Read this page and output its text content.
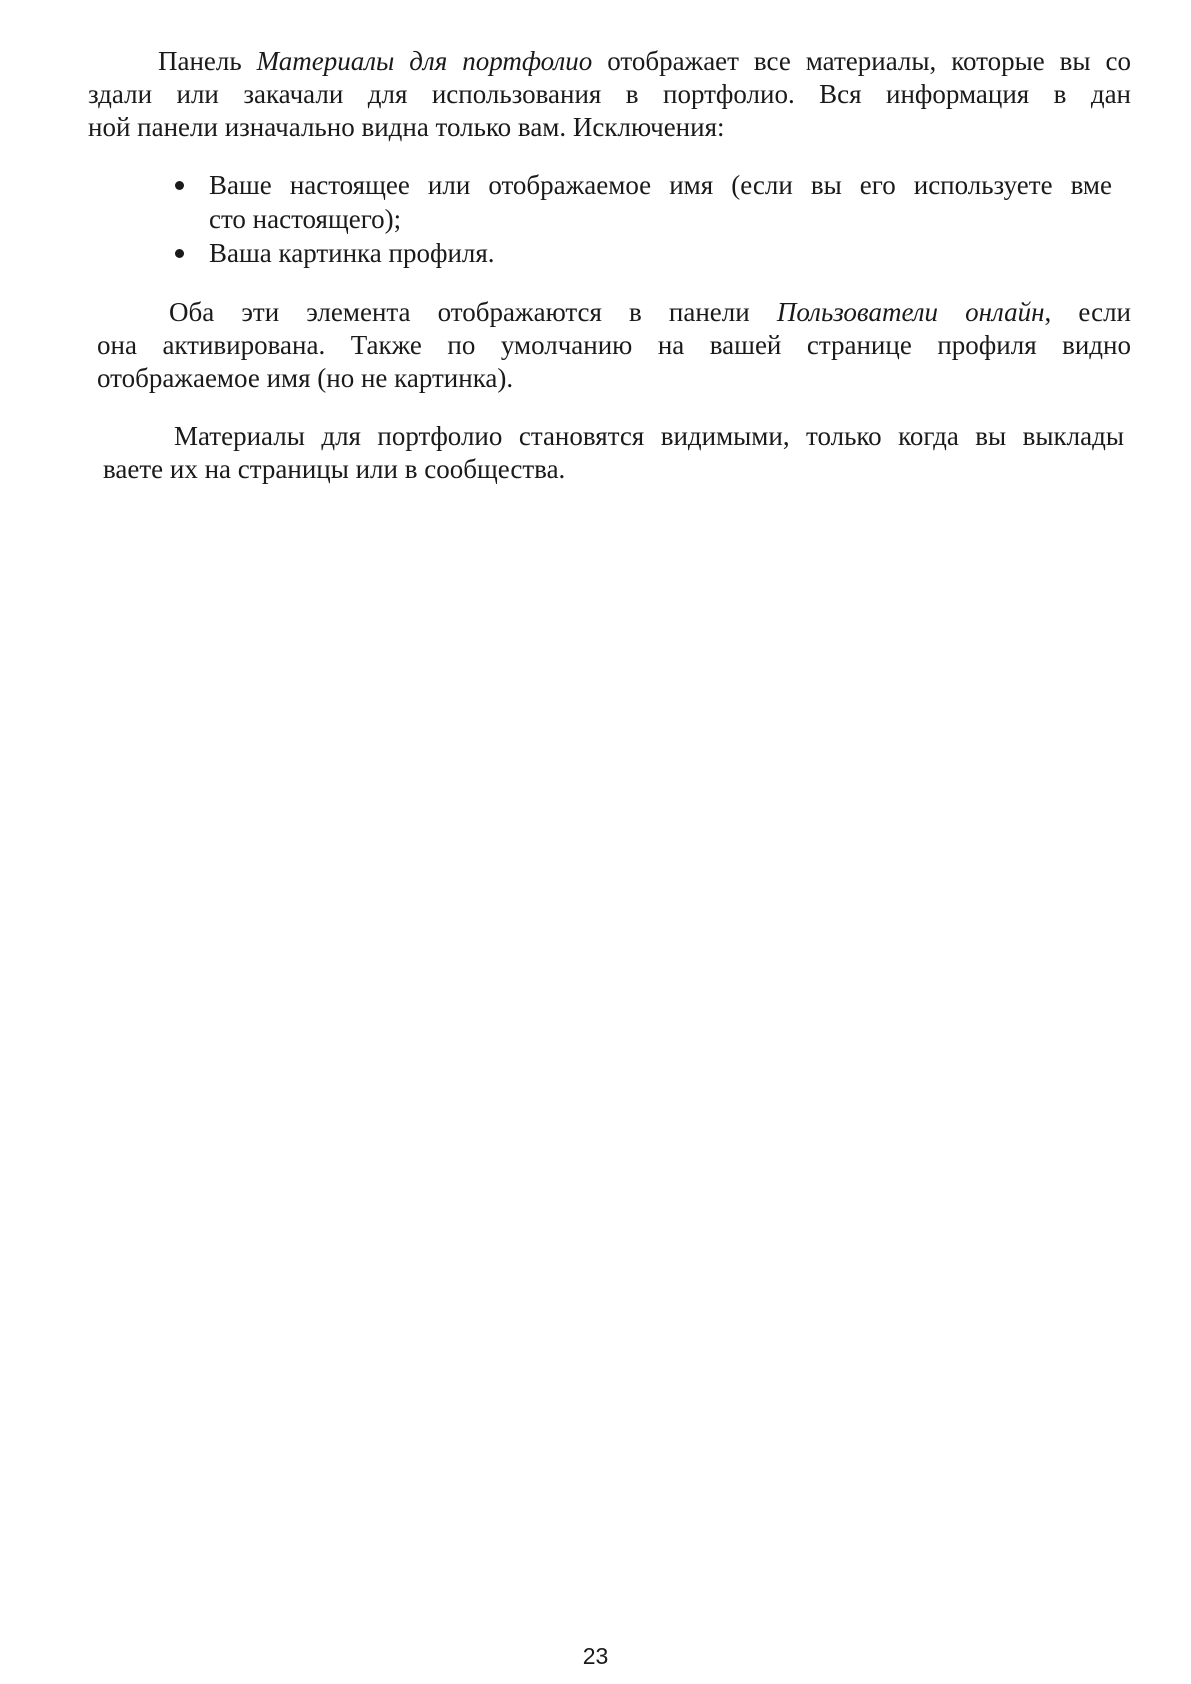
Панель Материалы для портфолио отображает все материалы, которые вы со
здали или закачали для использования в портфолио. Вся информация в дан
ной панели изначально видна только вам. Исключения:
Ваше настоящее или отображаемое имя (если вы его используете вме
сто настоящего);
Ваша картинка профиля.
Оба эти элемента отображаются в панели Пользователи онлайн, если
она активирована. Также по умолчанию на вашей странице профиля видно
отображаемое имя (но не картинка).
Материалы для портфолио становятся видимыми, только когда вы выклады
ваете их на страницы или в сообщества.
23
